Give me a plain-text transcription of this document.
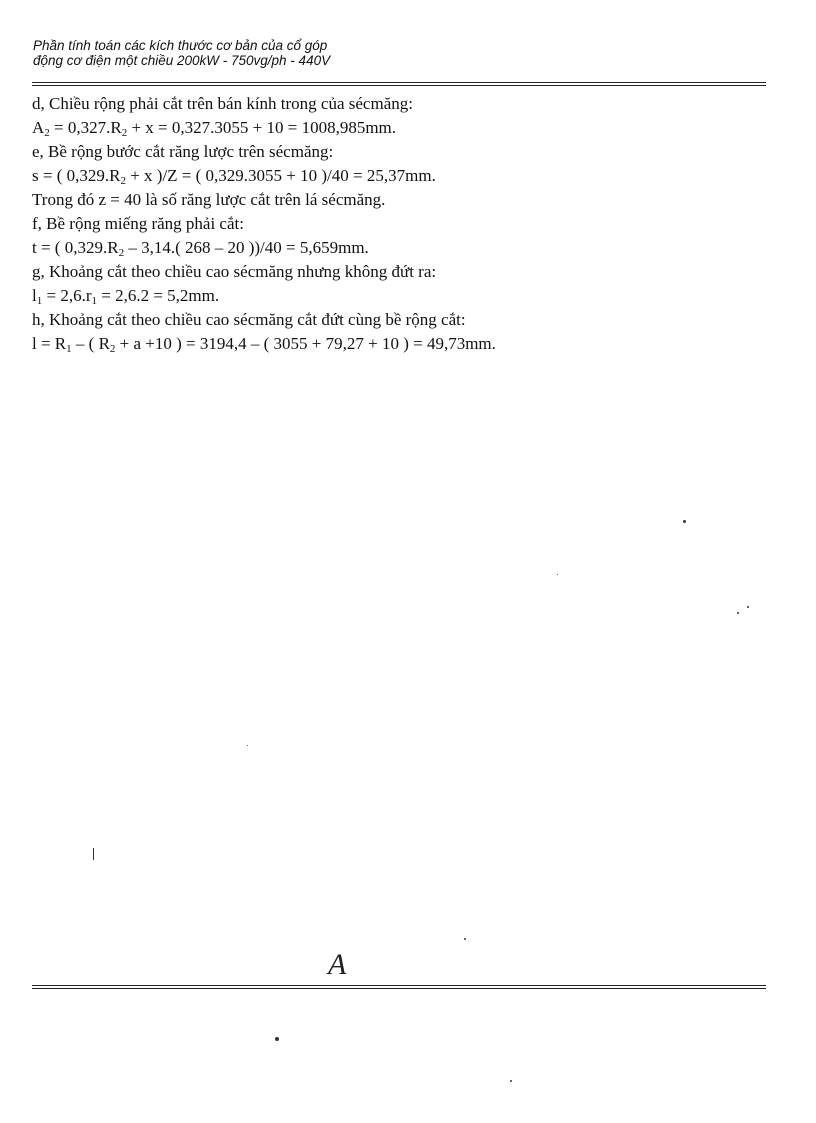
Phần tính toán các kích thước cơ bản của cổ góp
động cơ điện một chiều 200kW - 750vg/ph - 440V
d, Chiều rộng phải cắt trên bán kính trong của sécmăng:
$A_2 = 0,327.R_2 + x = 0,327.3055 + 10 = 1008,985mm$.
e, Bề rộng bước cắt răng lược trên sécmăng:
s = ( $0,329.R_2 + x$ )/Z = ( 0,329.3055 + 10 )/40 = 25,37mm.
Trong đó z = 40 là số răng lược cắt trên lá sécmăng.
f, Bề rộng miếng răng phải cắt:
t = ( $0,329.R_2 - 3,14$.( 268 – 20 ))/40 = 5,659mm.
g, Khoảng cắt theo chiều cao sécmăng nhưng không đứt ra:
$l_1 = 2,6.r_1 = 2,6.2 = 5,2mm$.
h, Khoảng cắt theo chiều cao sécmăng cắt đứt cùng bề rộng cắt:
$l = R_1$ – ( $R_2 + a +10$ ) = 3194,4 – ( 3055 + 79,27 + 10 ) = 49,73mm.
A
